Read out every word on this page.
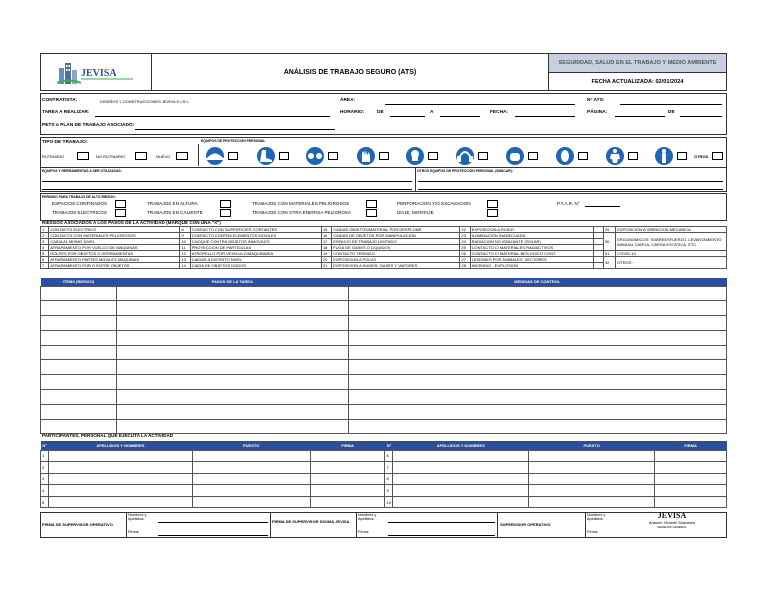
JEVISA	ANÁLISIS DE TRABAJO SEGURO (ATS)
SEGURIDAD, SALUD EN EL TRABAJO Y MEDIO AMBIENTE
FECHA ACTUALIZADA: 02/01/2024
CONTRATISTA:	DISEÑOS Y CONSTRUCCIONES JEVISA E.I.R.L.	ÁREA:	N° ATS:
TAREA A REALIZAR:	HORARIO:	DE	A	FECHA:	PÁGINA:	DE
PETS o PLAN DE TRABAJO ASOCIADO:
TIPO DE TRABAJO:	EQUIPOS DE PROTECCIÓN PERSONAL
RUTINARIO	NO RUTINARIO	NUEVO	OTROS
EQUIPOS Y HERRAMIENTAS A SER UTILIZADAS:	OTROS EQUIPOS DE PROTECCIÓN PERSONAL (INDICAR):
PERMISO PARA TRABAJO DE ALTO RIESGO:
ESPACIOS CONFINADOS
TRABAJOS ELECTRICOS
TRABAJOS EN ALTURA
TRABAJOS EN CALIENTE
TRABAJOS CON MATERIALES PELIGROSOS
TRABAJOS CON OTRA ENERGIA PELIGROSA
PERFORACION Y/O EXCAVACION
IZAJE, MONTAJE
P.T.A.R. N°
RIESGOS ASOCIADOS A LOS PASOS DE LA ACTIVIDAD (MARQUE CON UNA "X")
1	CONTACTO ELECTRICO	8	CONTACTO CON SUPERFICIES CORTANTES	15	CAIDAS OBJETOS/MATERIAL POR DESPLOME	22	EXPOSICION A RUIDO		29	EXPOSICION A VIBRACION MECANICA
2	CONTACTO CON MATERIALES PELIGROSOS	9	CONTACTO CONTRA ELEMENTOS MOVILES	16	CAIDAS DE OBJETOS POR MANIPULACION	23	ILUMINACION INADECUADA		30	ERGONOMICOS: SOBREESFUERZO, LEVANTAMIENTO MANUAL CARGA, CARGA ESTÁTICA, ETC.
3	CAIDA AL MISMO NIVEL	10	CHOQUE CONTRA OBJETOS INMOVILES	17	ESPACIO DE TRABAJO LIMITADO	24	RADIACION NO IONIZANTE (SOLAR)			
4	ATRAPAMIENTO POR VUELCO DE MAQUINAS	11	PROYECCION DE PARTICULAS	18	FUGA DE GASES O LIQUIDOS	25	CONTACTO C/ MATERIALES RADIACTIVOS			
5	GOLPES POR OBJETOS O HERRAMIENTAS	12	ATROPELLO POR VEHICULO/MAQUINARIA	19	CONTACTO TERMICO	26	CONTACTO C/ MATERIAL BIOLOGICO CONT.		31	COVID-19
6	ATRAPAMIENTO PARTES MOVILES MAQUINAS	13	CAIDAS A DISTINTO NIVEL	20	EXPOSICION A POLVO	27	LESIONES POR ANIMALES, VECTORES		32	OTROS:
7	ATRAPAMIENTO POR O ENTRE OBJETOS	14	CAIDA DE OBJETOS IZADOS	21	EXPOSICION A HUMOS, GASES Y VAPORES	28	INCENDIO - EXPLOSION			
ITEMS (RIESGO)	PASOS DE LA TAREA	MEDIDAS DE CONTROL

PARTICIPANTES, PERSONAL QUE EJECUTA LA ACTIVIDAD
N°	APELLIDOS Y NOMBRES	PUESTO	FIRMA	N°	APELLIDOS Y NOMBRES	PUESTO	FIRMA
1				6			
2				7			
3				8			
4				9			
5				10			
FIRMA DE SUPERVISOR OPERATIVO
Nombres y Apellidos:
Firma:
FIRMA DE SUPERVISOR SSOMA JEVISA
Nombres y Apellidos:
Firma:
SUPERVISOR OPERATIVO
Nombres y Apellidos:
Firma:
JEVISA
Antonio Vicente Saavedra
GERENTE GENERAL
